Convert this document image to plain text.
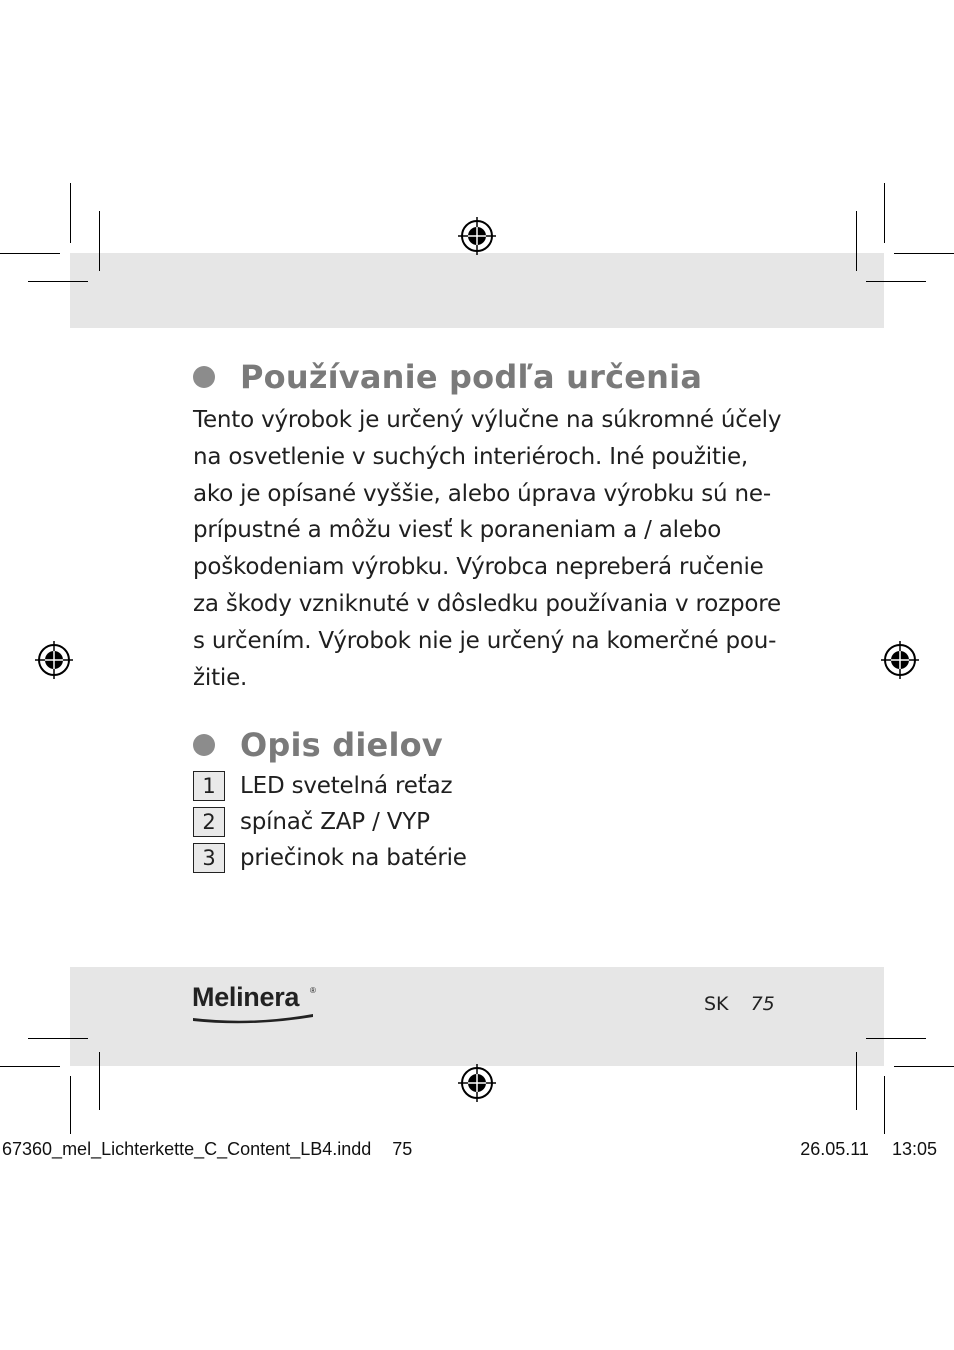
Používanie podľa určenia
Tento výrobok je určený výlučne na súkromné účely
na osvetlenie v suchých interiéroch. Iné použitie,
ako je opísané vyššie, alebo úprava výrobku sú ne-
prípustné a môžu viesť k poraneniam a / alebo
poškodeniam výrobku. Výrobca nepreberá ručenie
za škody vzniknuté v dôsledku používania v rozpore
s určením. Výrobok nie je určený na komerčné pou-
žitie.
Opis dielov
1	LED svetelná reťaz
2	spínač ZAP / VYP
3	priečinok na batérie
Melinera	®
SK 75
67360_mel_Lichterkette_C_Content_LB4.indd 75	26.05.11 13:05
